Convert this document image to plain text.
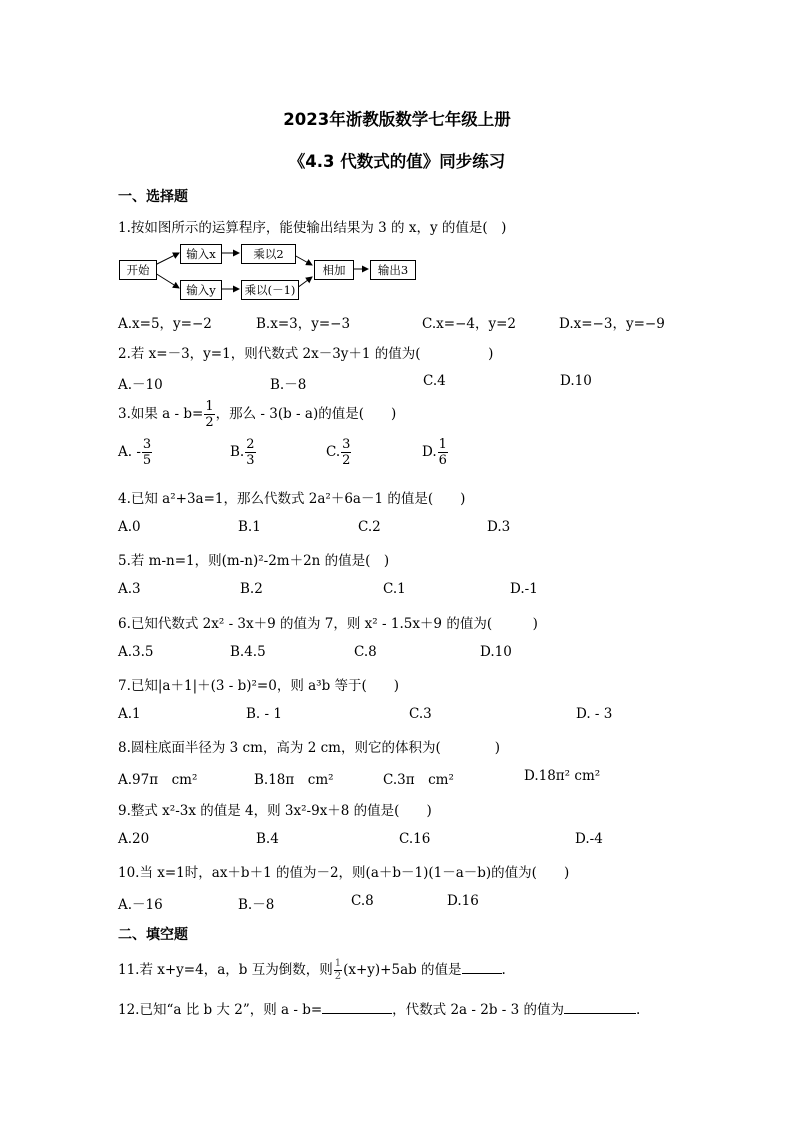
2023年浙教版数学七年级上册
《4.3 代数式的值》同步练习
一、选择题
1.按如图所示的运算程序，能使输出结果为 3 的 x，y 的值是(　)
开始
输入x	乘以2
输入y	乘以(－1)
相加	输出3
A.x=5，y=−2	B.x=3，y=−3	C.x=−4，y=2	D.x=−3，y=−9
2.若 x=－3，y=1，则代数式 2x－3y＋1 的值为(　　　　　)
A.－10	B.－8	C.4	D.10
3.如果 $a - b= \frac{1}{2}$ ，那么 - 3(b - a)的值是(　　)
A. - $\frac{3}{5}$	B. $\frac{2}{3}$	C. $\frac{3}{2}$	D. $\frac{1}{6}$
4.已知 a²+3a=1，那么代数式 2a²＋6a－1 的值是(　　)
A.0	B.1	C.2	D.3
5.若 m-n=1，则(m-n)²-2m＋2n 的值是(　)
A.3	B.2	C.1	D.-1
6.已知代数式 2x² - 3x＋9 的值为 7，则 x² - 1.5x＋9 的值为(　　　)
A.3.5	B.4.5	C.8	D.10
7.已知|a＋1|＋(3 - b)²=0，则 a³b 等于(　　)
A.1	B. - 1	C.3	D. - 3
8.圆柱底面半径为 3 cm，高为 2 cm，则它的体积为(　　　　)
A.97π　cm²	B.18π　cm²	C.3π　cm²	D.18π² cm²
9.整式 x²-3x 的值是 4，则 3x²-9x＋8 的值是(　　)
A.20	B.4	C.16	D.-4
10.当 x=1时，ax＋b＋1 的值为－2，则(a＋b－1)(1－a－b)的值为(　　)
A.－16	B.－8	C.8	D.16
二、填空题
11.若 x+y=4，a，b 互为倒数，则 $\frac{1}{2} (x+y)+5ab$ 的值是	.
12.已知“a 比 b 大 2”，则 a - b=	，代数式 2a - 2b - 3 的值为	.
